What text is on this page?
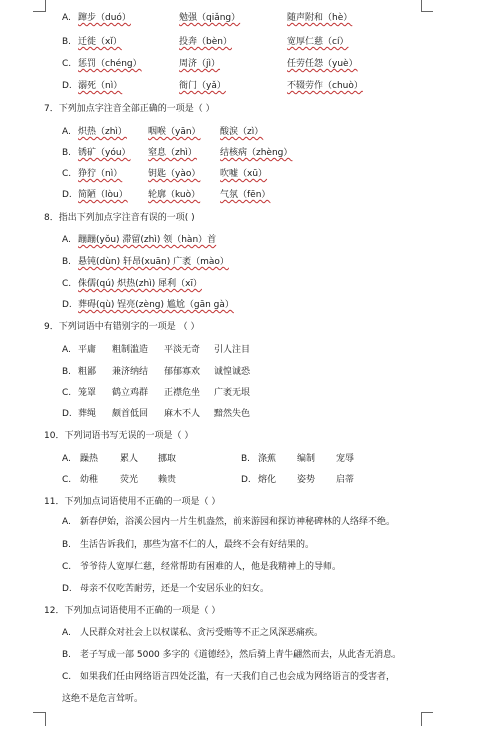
A. 蹿步（duó）	勉强（qiǎng）	随声附和（hè）
B. 迁徙（xǐ）	投奔（bèn）	宽厚仁慈（cí）
C. 惩罚（chéng）	周济（jì）	任劳任怨（yuè）
D. 溺死（nì）	衙门（yǎ）	不辍劳作（chuò）
7．下列加点字注音全部正确的一项是（ ）
A. 炽热（zhì） 咽喉（yān） 酸涙（zì）
B. 锈矿（yóu） 窒息（zhì）	结核病（zhèng）
C. 狰狞（nì）	钥匙（yào） 吹嘘（xū）
D. 简陋（lòu） 轮廓（kuò） 气氛（fēn）
8．指出下列加点字注音有误的一项( )
A. 蹦蹦(yǒu) 滞留(zhì) 领（hàn）首
B. 悬钝(dùn) 轩昂(xuān) 广袤（mào）
C. 侏儒(qú) 炽热(zhì) 犀利（xī）
D. 葬碍(qù) 锃亮(zèng) 尴尬（gān gà）
9．下列词语中有错别字的一项是 （ ）
A. 平庸 粗制滥造 平淡无奇 引人注目
B. 粗鄙 兼济纳结 郁郁寡欢 诚惶诚恐
C. 笼罩 鹤立鸡群 正襟危坐 广袤无垠
D. 葬绳 颇首低回 麻木不人 黯然失色
10．下列词语书写无误的一项是（ ）
A. 躁热 累人 挪取	B. 涤蕉 编制 宠辱
C. 幼稚 荧光 赖贵	D. 熔化 姿势 启蒂
11．下列加点词语使用不正确的一项是（ ）
A. 新春伊始，浴溪公园内一片生机盎然，前来游园和探访神秘碑林的人络绎不绝。
B. 生活告诉我们，那些为富不仁的人，最终不会有好结果的。
C. 爷爷待人宽厚仁慈，经常帮助有困难的人，他是我精神上的导师。
D. 母亲不仅吃苦耐劳，还是一个安居乐业的妇女。
12．下列加点词语使用不正确的一项是（ ）
A. 人民群众对社会上以权谋私、贪污受贿等不正之风深恶痛疾。
B. 老子写成一部 5000 多字的《道德经》，然后骑上青牛翩然而去，从此杳无消息。
C. 如果我们任由网络语言四处泛滥，有一天我们自己也会成为网络语言的受害者，
这绝不是危言耸听。
